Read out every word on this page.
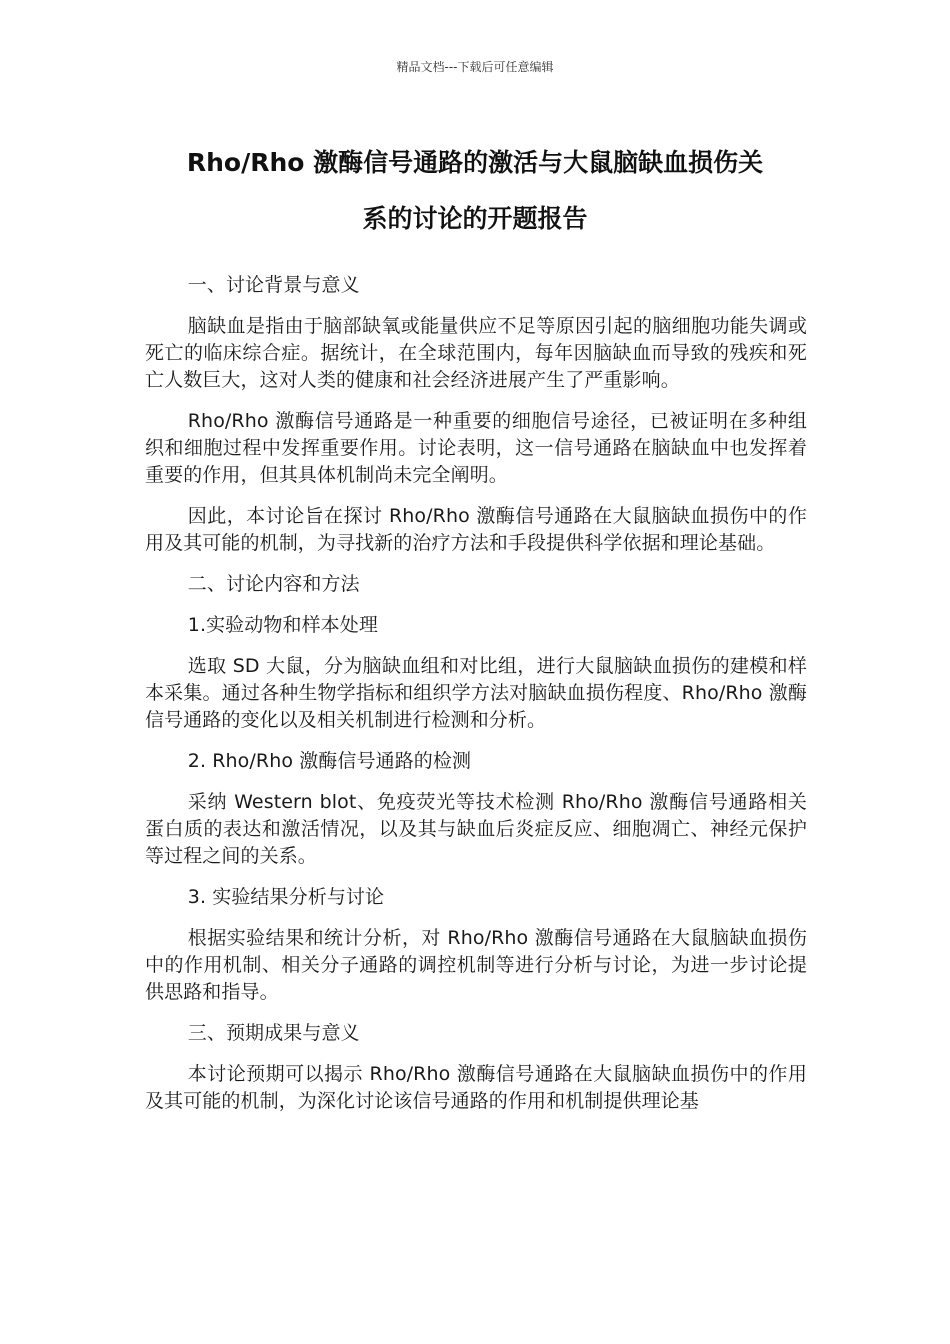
精品文档---下载后可任意编辑
Rho/Rho 激酶信号通路的激活与大鼠脑缺血损伤关
系的讨论的开题报告

一、讨论背景与意义

脑缺血是指由于脑部缺氧或能量供应不足等原因引起的脑细胞功能失调或死亡的临床综合症。据统计，在全球范围内，每年因脑缺血而导致的残疾和死亡人数巨大，这对人类的健康和社会经济进展产生了严重影响。

Rho/Rho 激酶信号通路是一种重要的细胞信号途径，已被证明在多种组织和细胞过程中发挥重要作用。讨论表明，这一信号通路在脑缺血中也发挥着重要的作用，但其具体机制尚未完全阐明。

因此，本讨论旨在探讨 Rho/Rho 激酶信号通路在大鼠脑缺血损伤中的作用及其可能的机制，为寻找新的治疗方法和手段提供科学依据和理论基础。

二、讨论内容和方法

1.实验动物和样本处理

选取 SD 大鼠，分为脑缺血组和对比组，进行大鼠脑缺血损伤的建模和样本采集。通过各种生物学指标和组织学方法对脑缺血损伤程度、Rho/Rho 激酶信号通路的变化以及相关机制进行检测和分析。

2. Rho/Rho 激酶信号通路的检测

采纳 Western blot、免疫荧光等技术检测 Rho/Rho 激酶信号通路相关蛋白质的表达和激活情况，以及其与缺血后炎症反应、细胞凋亡、神经元保护等过程之间的关系。

3. 实验结果分析与讨论

根据实验结果和统计分析，对 Rho/Rho 激酶信号通路在大鼠脑缺血损伤中的作用机制、相关分子通路的调控机制等进行分析与讨论，为进一步讨论提供思路和指导。

三、预期成果与意义

本讨论预期可以揭示 Rho/Rho 激酶信号通路在大鼠脑缺血损伤中的作用及其可能的机制，为深化讨论该信号通路的作用和机制提供理论基
